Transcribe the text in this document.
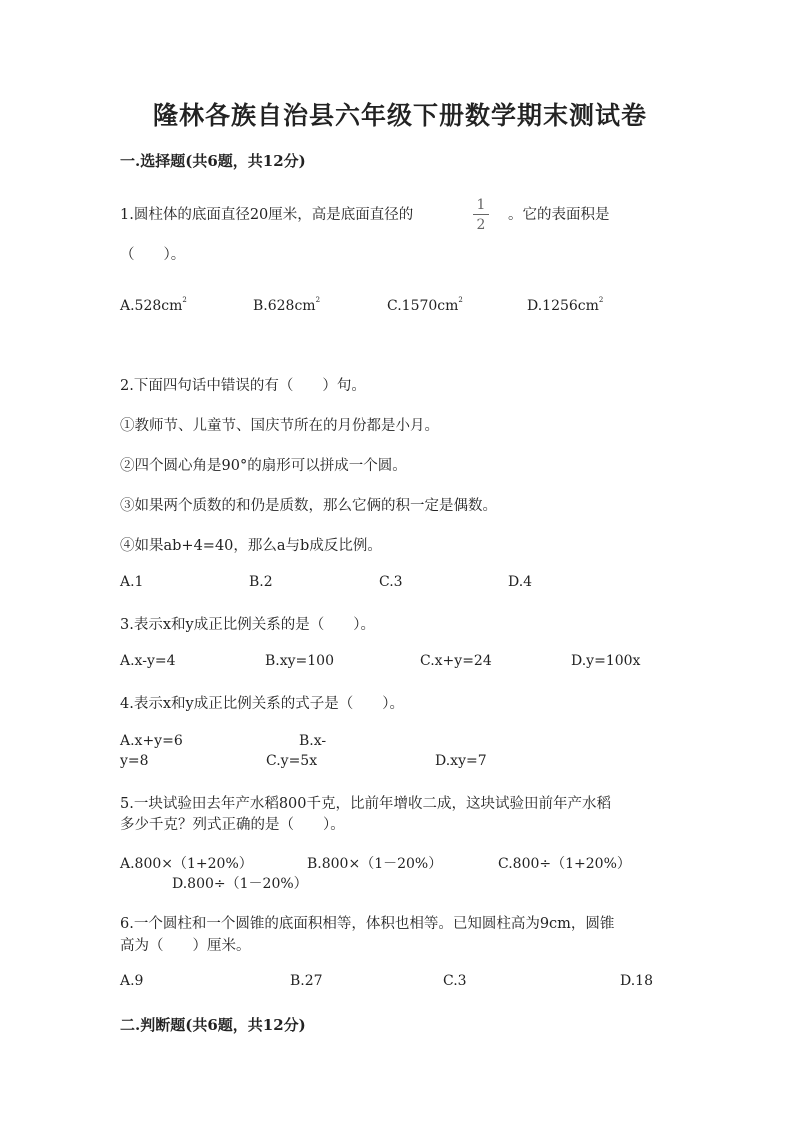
隆林各族自治县六年级下册数学期末测试卷
一.选择题(共6题，共12分)
1.圆柱体的底面直径20厘米，高是底面直径的
1
2
。它的表面积是
（　　）。
$A.528cm^2$	$B.628cm^2$	$C.1570cm^2$	$D.1256cm^2$
2.下面四句话中错误的有（　　）句。
①教师节、儿童节、国庆节所在的月份都是小月。
②四个圆心角是90°的扇形可以拼成一个圆。
③如果两个质数的和仍是质数，那么它俩的积一定是偶数。
④如果ab+4=40，那么a与b成反比例。
A.1	B.2	C.3	D.4
3.表示x和y成正比例关系的是（　　）。
A.x-y=4	B.xy=100	C.x+y=24	D.y=100x
4.表示x和y成正比例关系的式子是（　　）。
A.x+y=6	B.x-
y=8	C.y=5x	D.xy=7
5.一块试验田去年产水稻800千克，比前年增收二成，这块试验田前年产水稻
多少千克？列式正确的是（　　）。
A.800×（1+20%）	B.800×（1－20%）	C.800÷（1+20%）
D.800÷（1－20%）
6.一个圆柱和一个圆锥的底面积相等，体积也相等。已知圆柱高为9cm，圆锥
高为（　　）厘米。
A.9	B.27	C.3	D.18
二.判断题(共6题，共12分)
